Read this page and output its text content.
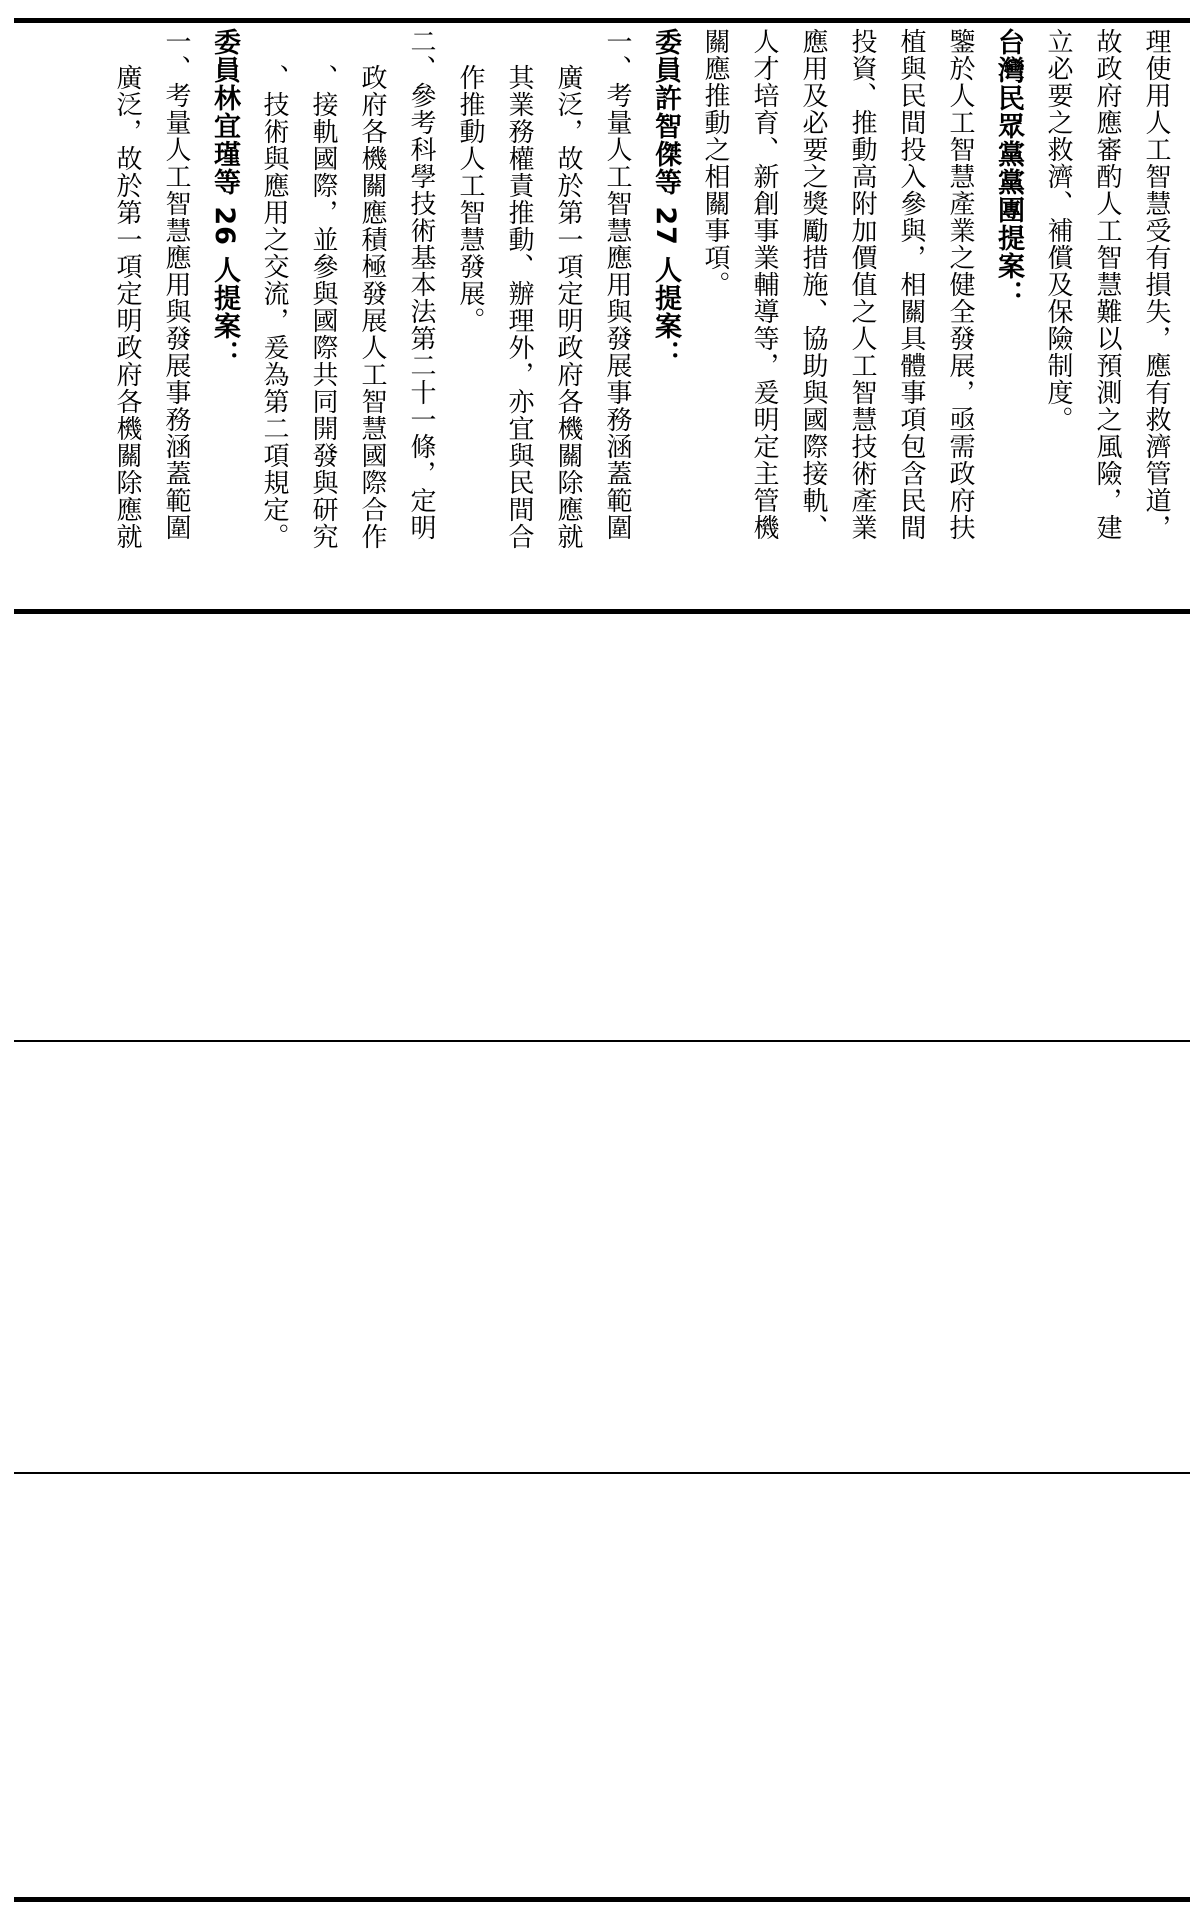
理使用人工智慧受有損失，應有救濟管道，
故政府應審酌人工智慧難以預測之風險，建
立必要之救濟、補償及保險制度。
台灣民眾黨黨團提案：
鑒於人工智慧產業之健全發展，亟需政府扶
植與民間投入參與，相關具體事項包含民間
投資、推動高附加價值之人工智慧技術產業
應用及必要之獎勵措施、協助與國際接軌、
人才培育、新創事業輔導等，爰明定主管機
關應推動之相關事項。
委員許智傑等 27 人提案：
一、考量人工智慧應用與發展事務涵蓋範圍
廣泛，故於第一項定明政府各機關除應就
其業務權責推動、辦理外，亦宜與民間合
作推動人工智慧發展。
二、參考科學技術基本法第二十一條，定明
政府各機關應積極發展人工智慧國際合作
、接軌國際，並參與國際共同開發與研究
、技術與應用之交流，爰為第二項規定。
委員林宜瑾等 26 人提案：
一、考量人工智慧應用與發展事務涵蓋範圍
廣泛，故於第一項定明政府各機關除應就
